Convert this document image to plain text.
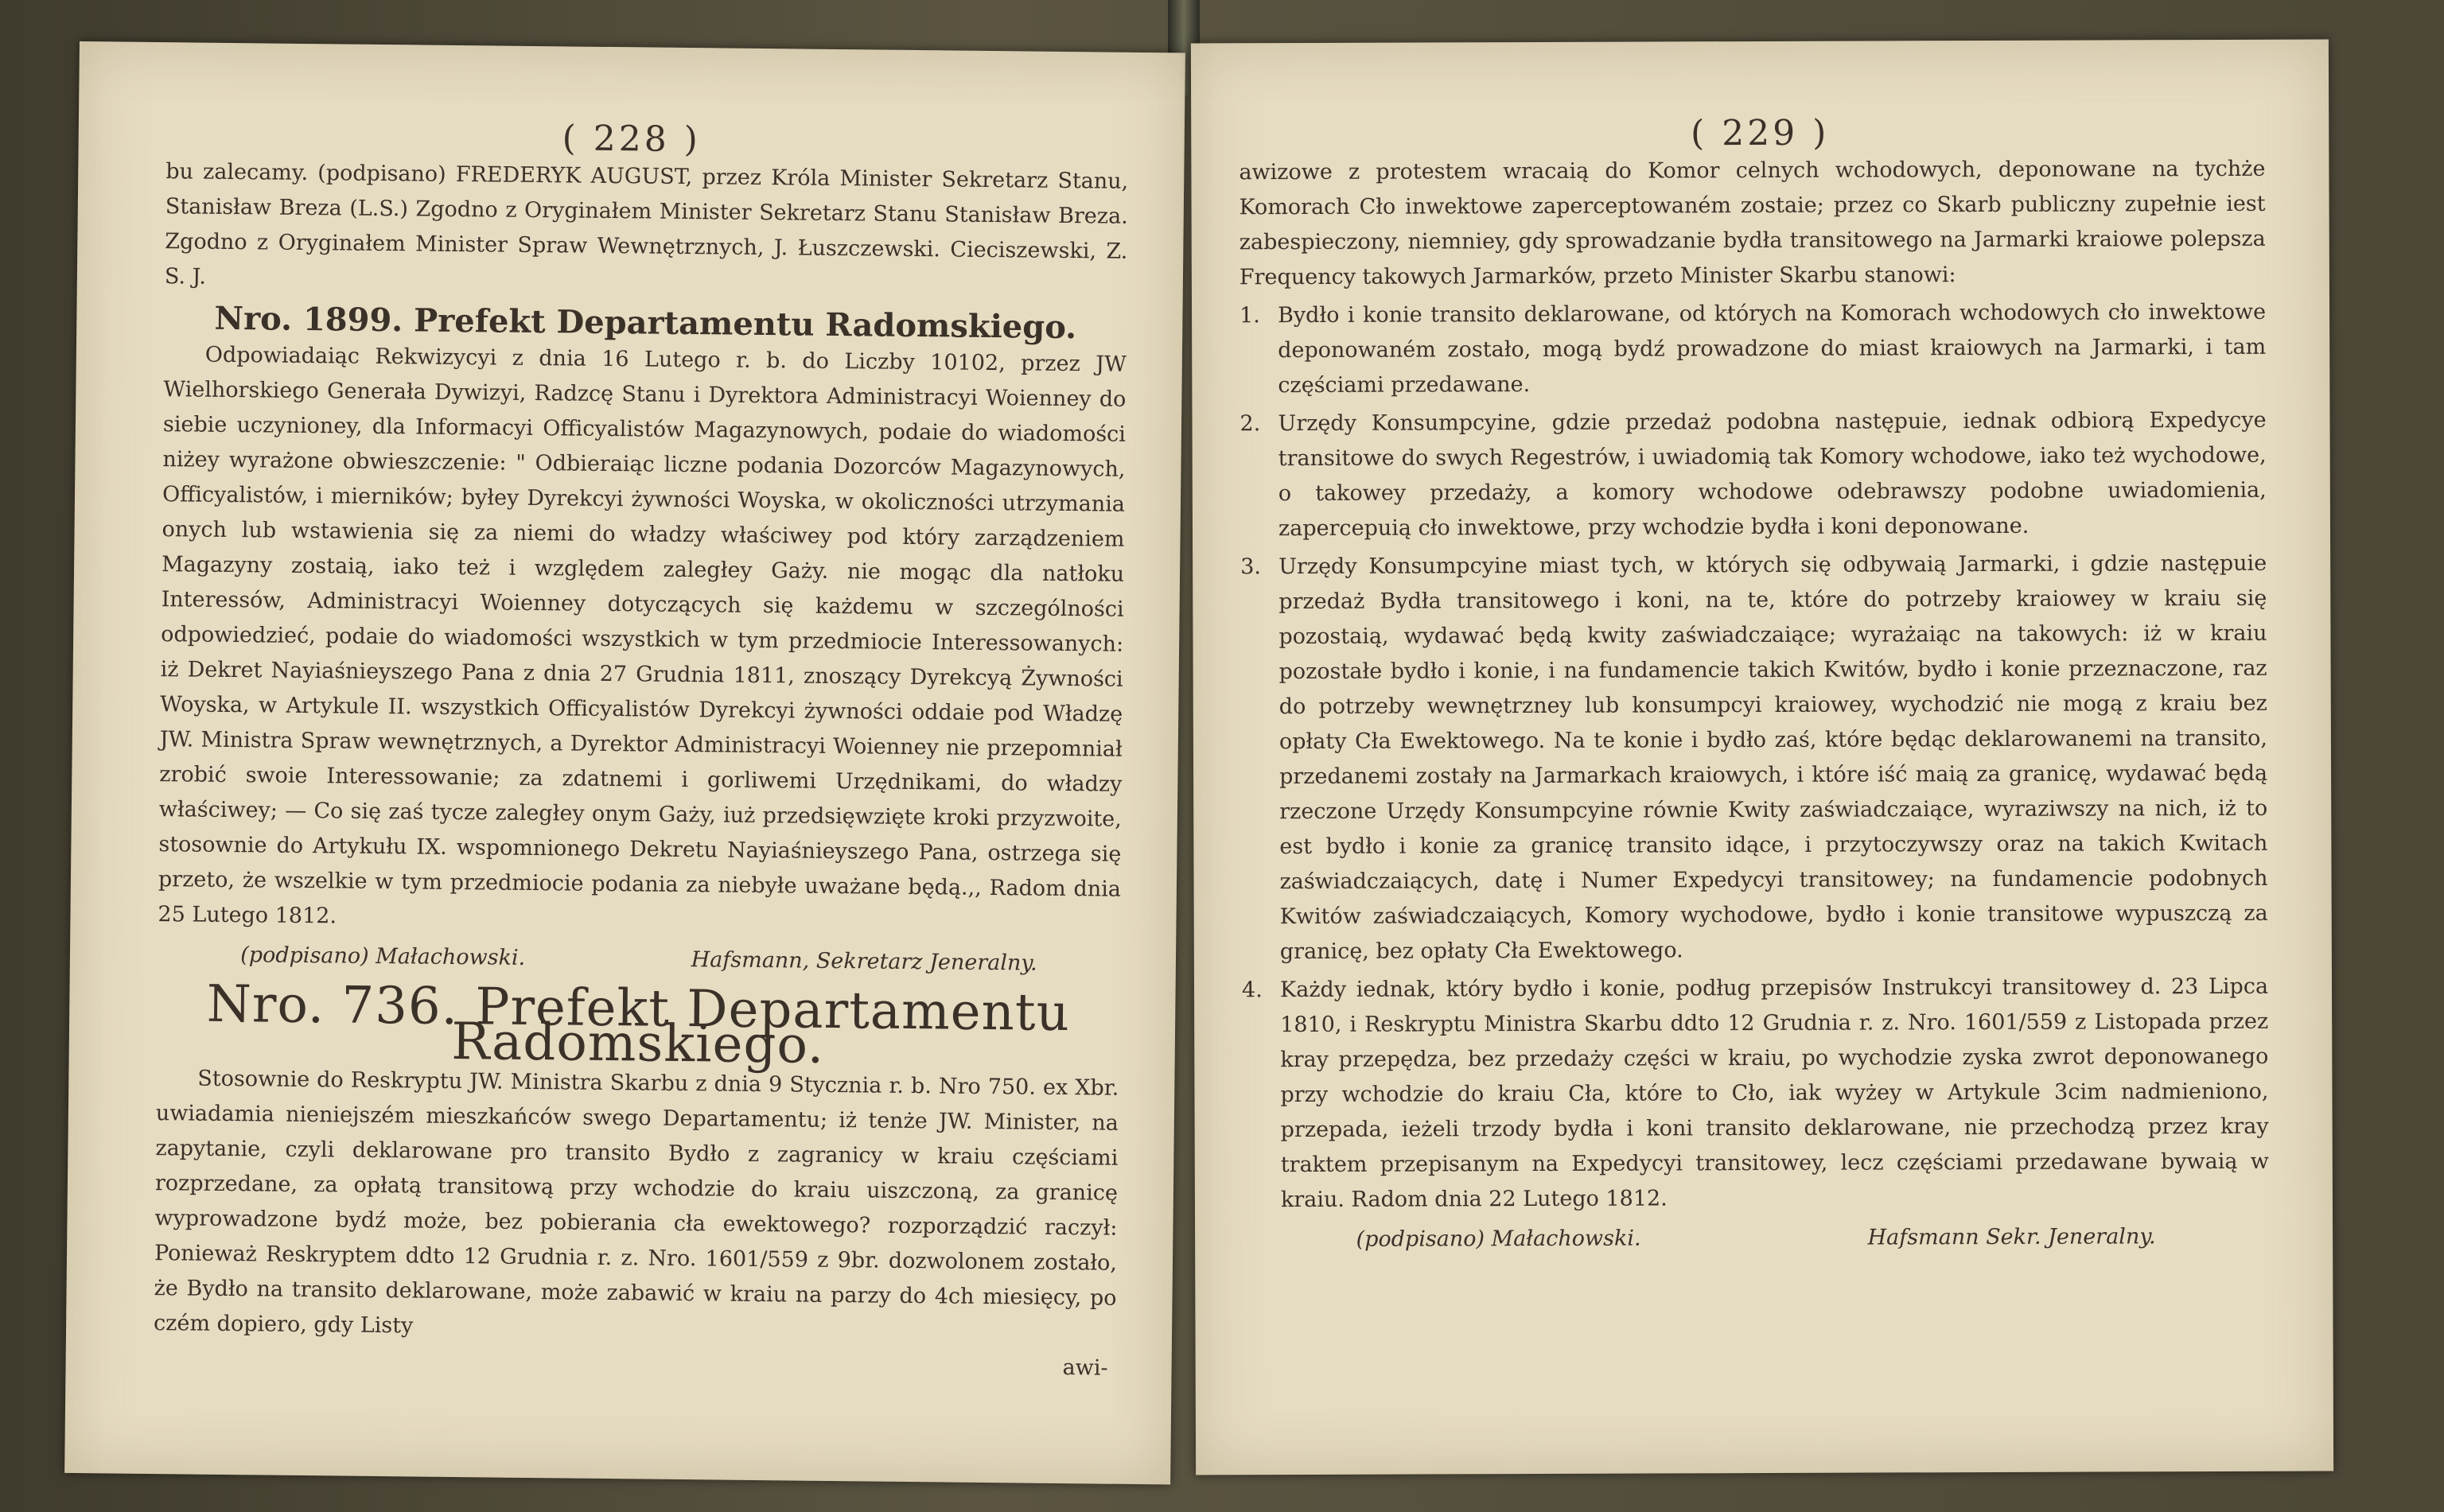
( 228 )

bu zalecamy. (podpisano) FREDERYK AUGUST, przez Króla Minister Sekretarz Stanu, Stanisław Breza (L.S.) Zgodno z Oryginałem Minister Sekretarz Stanu Stanisław Breza. Zgodno z Oryginałem Minister Spraw Wewnętrznych, J. Łuszczewski. Cieciszewski, Z. S. J.

Nro. 1899. Prefekt Departamentu Radomskiego.

Odpowiadaiąc Rekwizycyi z dnia 16 Lutego r. b. do Liczby 10102, przez JW Wielhorskiego Generała Dywizyi, Radzcę Stanu i Dyrektora Administracyi Woienney do siebie uczynioney, dla Informacyi Officyalistów Magazynowych, podaie do wiadomości niżey wyrażone obwieszczenie: " Odbieraiąc liczne podania Dozorców Magazynowych, Officyalistów, i mierników; byłey Dyrekcyi żywności Woyska, w okoliczności utrzymania onych lub wstawienia się za niemi do władzy właściwey pod który zarządzeniem Magazyny zostaią, iako też i względem zaległey Gaży. nie mogąc dla natłoku Interessów, Administracyi Woienney dotyczących się każdemu w szczególności odpowiedzieć, podaie do wiadomości wszystkich w tym przedmiocie Interessowanych: iż Dekret Nayiaśnieyszego Pana z dnia 27 Grudnia 1811, znoszący Dyrekcyą Żywności Woyska, w Artykule II. wszystkich Officyalistów Dyrekcyi żywności oddaie pod Władzę JW. Ministra Spraw wewnętrznych, a Dyrektor Administracyi Woienney nie przepomniał zrobić swoie Interessowanie; za zdatnemi i gorliwemi Urzędnikami, do władzy właściwey; — Co się zaś tycze zaległey onym Gaży, iuż przedsięwzięte kroki przyzwoite, stosownie do Artykułu IX. wspomnionego Dekretu Nayiaśnieyszego Pana, ostrzega się przeto, że wszelkie w tym przedmiocie podania za niebyłe uważane będą.,, Radom dnia 25 Lutego 1812.

(podpisano) Małachowski.	Hafsmann, Sekretarz Jeneralny.
Nro. 736. Prefekt Departamentu Radomskiego.

Stosownie do Reskryptu JW. Ministra Skarbu z dnia 9 Stycznia r. b. Nro 750. ex Xbr. uwiadamia nieniejszém mieszkańców swego Departamentu; iż tenże JW. Minister, na zapytanie, czyli deklarowane pro transito Bydło z zagranicy w kraiu częściami rozprzedane, za opłatą transitową przy wchodzie do kraiu uiszczoną, za granicę wyprowadzone bydź może, bez pobierania cła ewektowego? rozporządzić raczył: Ponieważ Reskryptem ddto 12 Grudnia r. z. Nro. 1601/559 z 9br. dozwolonem zostało, że Bydło na transito deklarowane, może zabawić w kraiu na parzy do 4ch miesięcy, po czém dopiero, gdy Listy

awi-
( 229 )

awizowe z protestem wracaią do Komor celnych wchodowych, deponowane na tychże Komorach Cło inwektowe zaperceptowaném zostaie; przez co Skarb publiczny zupełnie iest zabespieczony, niemniey, gdy sprowadzanie bydła transitowego na Jarmarki kraiowe polepsza Frequency takowych Jarmarków, przeto Minister Skarbu stanowi:

1. Bydło i konie transito deklarowane, od których na Komorach wchodowych cło inwektowe deponowaném zostało, mogą bydź prowadzone do miast kraiowych na Jarmarki, i tam częściami przedawane.
2. Urzędy Konsumpcyine, gdzie przedaż podobna następuie, iednak odbiorą Expedycye transitowe do swych Regestrów, i uwiadomią tak Komory wchodowe, iako też wychodowe, o takowey przedaży, a komory wchodowe odebrawszy podobne uwiadomienia, zapercepuią cło inwektowe, przy wchodzie bydła i koni deponowane.
3. Urzędy Konsumpcyine miast tych, w których się odbywaią Jarmarki, i gdzie następuie przedaż Bydła transitowego i koni, na te, które do potrzeby kraiowey w kraiu się pozostaią, wydawać będą kwity zaświadczaiące; wyrażaiąc na takowych: iż w kraiu pozostałe bydło i konie, i na fundamencie takich Kwitów, bydło i konie przeznaczone, raz do potrzeby wewnętrzney lub konsumpcyi kraiowey, wychodzić nie mogą z kraiu bez opłaty Cła Ewektowego. Na te konie i bydło zaś, które będąc deklarowanemi na transito, przedanemi zostały na Jarmarkach kraiowych, i które iść maią za granicę, wydawać będą rzeczone Urzędy Konsumpcyine równie Kwity zaświadczaiące, wyraziwszy na nich, iż to est bydło i konie za granicę transito idące, i przytoczywszy oraz na takich Kwitach zaświadczaiących, datę i Numer Expedycyi transitowey; na fundamencie podobnych Kwitów zaświadczaiących, Komory wychodowe, bydło i konie transitowe wypuszczą za granicę, bez opłaty Cła Ewektowego.
4. Każdy iednak, który bydło i konie, podług przepisów Instrukcyi transitowey d. 23 Lipca 1810, i Reskryptu Ministra Skarbu ddto 12 Grudnia r. z. Nro. 1601/559 z Listopada przez kray przepędza, bez przedaży części w kraiu, po wychodzie zyska zwrot deponowanego przy wchodzie do kraiu Cła, które to Cło, iak wyżey w Artykule 3cim nadmieniono, przepada, ieżeli trzody bydła i koni transito deklarowane, nie przechodzą przez kray traktem przepisanym na Expedycyi transitowey, lecz częściami przedawane bywaią w kraiu. Radom dnia 22 Lutego 1812.
(podpisano) Małachowski.	Hafsmann Sekr. Jeneralny.
